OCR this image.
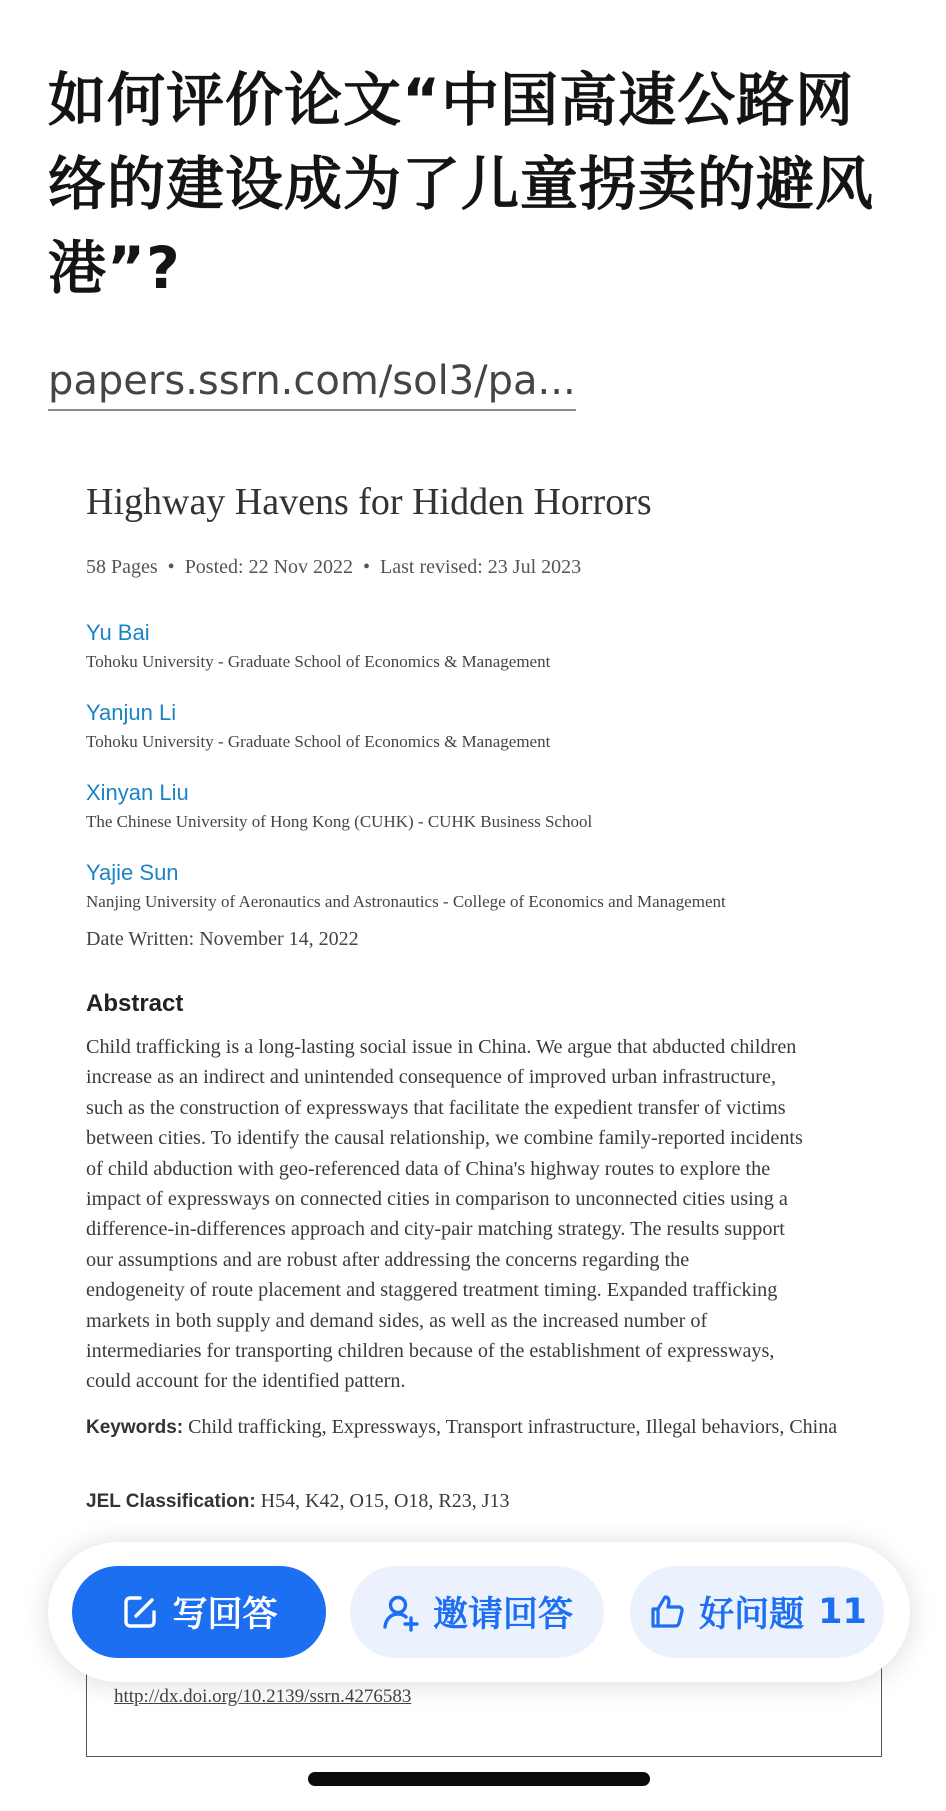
如何评价论文“中国高速公路网络的建设成为了儿童拐卖的避风港”?
papers.ssrn.com/sol3/pa...
Highway Havens for Hidden Horrors
58 Pages • Posted: 22 Nov 2022 • Last revised: 23 Jul 2023
Yu Bai
Tohoku University - Graduate School of Economics & Management
Yanjun Li
Tohoku University - Graduate School of Economics & Management
Xinyan Liu
The Chinese University of Hong Kong (CUHK) - CUHK Business School
Yajie Sun
Nanjing University of Aeronautics and Astronautics - College of Economics and Management
Date Written: November 14, 2022
Abstract
Child trafficking is a long-lasting social issue in China. We argue that abducted children
increase as an indirect and unintended consequence of improved urban infrastructure,
such as the construction of expressways that facilitate the expedient transfer of victims
between cities. To identify the causal relationship, we combine family-reported incidents
of child abduction with geo-referenced data of China's highway routes to explore the
impact of expressways on connected cities in comparison to unconnected cities using a
difference-in-differences approach and city-pair matching strategy. The results support
our assumptions and are robust after addressing the concerns regarding the
endogeneity of route placement and staggered treatment timing. Expanded trafficking
markets in both supply and demand sides, as well as the increased number of
intermediaries for transporting children because of the establishment of expressways,
could account for the identified pattern.
Keywords: Child trafficking, Expressways, Transport infrastructure, Illegal behaviors, China
JEL Classification: H54, K42, O15, O18, R23, J13
http://dx.doi.org/10.2139/ssrn.4276583
写回答	邀请回答	好问题 11
